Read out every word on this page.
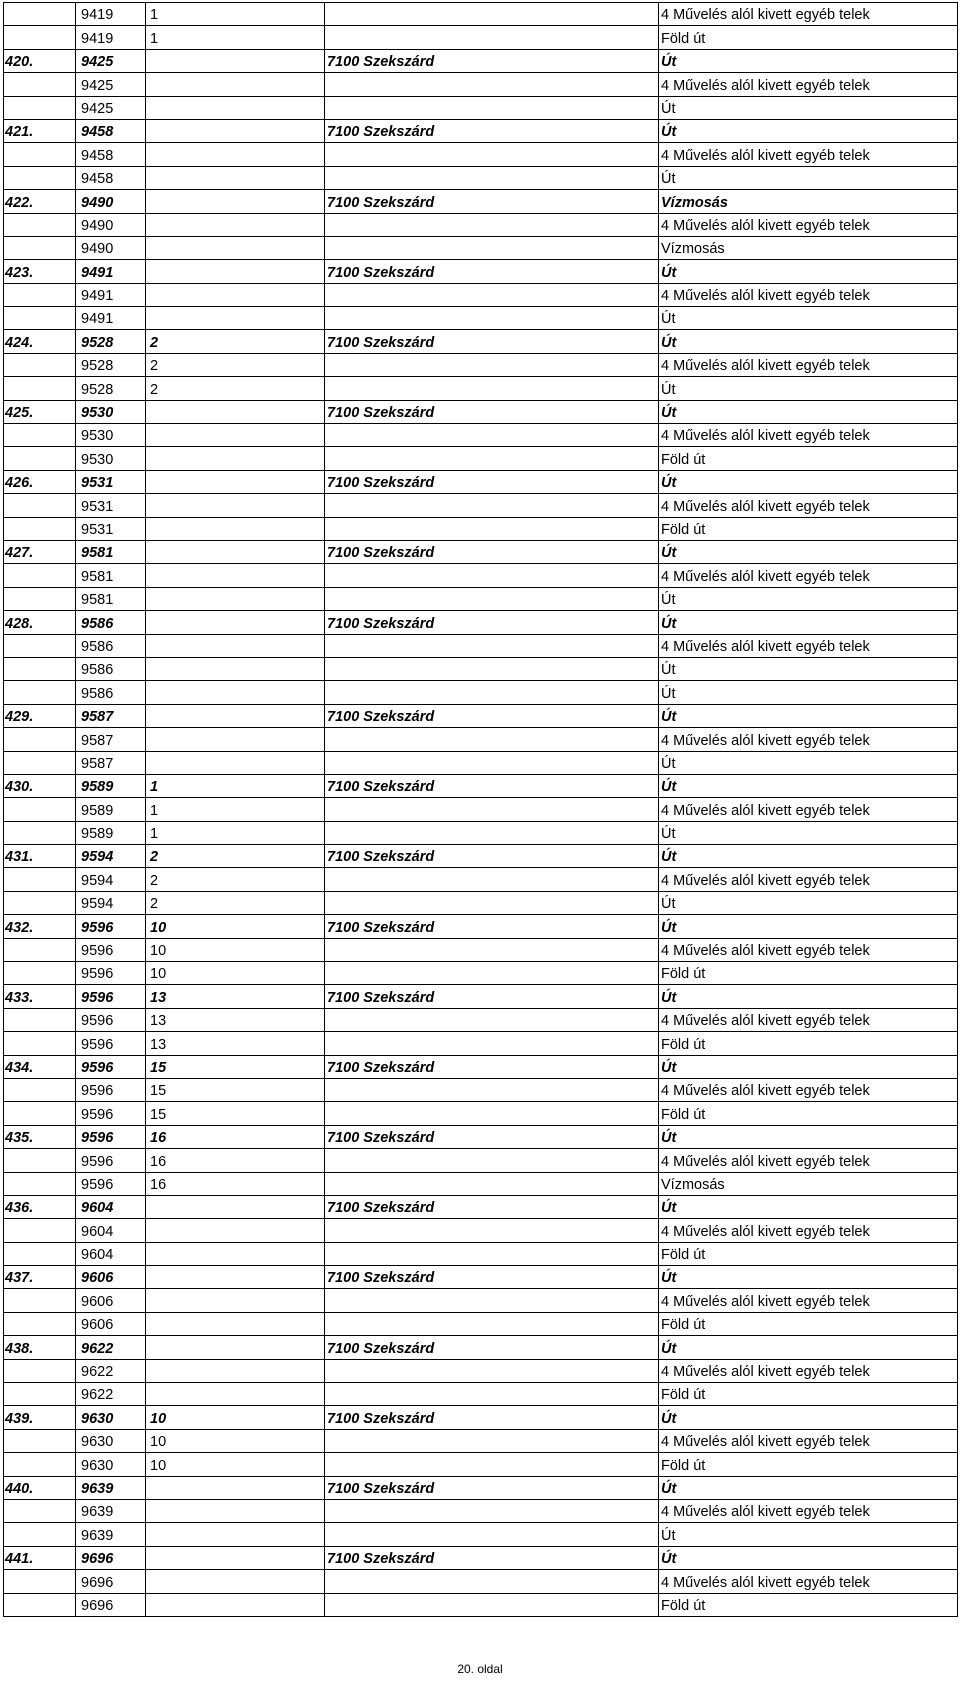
	9419	1		4 Művelés alól kivett egyéb telek
	9419	1		Föld út
420.	9425		7100 Szekszárd	Út
	9425			4 Művelés alól kivett egyéb telek
	9425			Út
421.	9458		7100 Szekszárd	Út
	9458			4 Művelés alól kivett egyéb telek
	9458			Út
422.	9490		7100 Szekszárd	Vízmosás
	9490			4 Művelés alól kivett egyéb telek
	9490			Vízmosás
423.	9491		7100 Szekszárd	Út
	9491			4 Művelés alól kivett egyéb telek
	9491			Út
424.	9528	2	7100 Szekszárd	Út
	9528	2		4 Művelés alól kivett egyéb telek
	9528	2		Út
425.	9530		7100 Szekszárd	Út
	9530			4 Művelés alól kivett egyéb telek
	9530			Föld út
426.	9531		7100 Szekszárd	Út
	9531			4 Művelés alól kivett egyéb telek
	9531			Föld út
427.	9581		7100 Szekszárd	Út
	9581			4 Művelés alól kivett egyéb telek
	9581			Út
428.	9586		7100 Szekszárd	Út
	9586			4 Művelés alól kivett egyéb telek
	9586			Út
	9586			Út
429.	9587		7100 Szekszárd	Út
	9587			4 Művelés alól kivett egyéb telek
	9587			Út
430.	9589	1	7100 Szekszárd	Út
	9589	1		4 Művelés alól kivett egyéb telek
	9589	1		Út
431.	9594	2	7100 Szekszárd	Út
	9594	2		4 Művelés alól kivett egyéb telek
	9594	2		Út
432.	9596	10	7100 Szekszárd	Út
	9596	10		4 Művelés alól kivett egyéb telek
	9596	10		Föld út
433.	9596	13	7100 Szekszárd	Út
	9596	13		4 Művelés alól kivett egyéb telek
	9596	13		Föld út
434.	9596	15	7100 Szekszárd	Út
	9596	15		4 Művelés alól kivett egyéb telek
	9596	15		Föld út
435.	9596	16	7100 Szekszárd	Út
	9596	16		4 Művelés alól kivett egyéb telek
	9596	16		Vízmosás
436.	9604		7100 Szekszárd	Út
	9604			4 Művelés alól kivett egyéb telek
	9604			Föld út
437.	9606		7100 Szekszárd	Út
	9606			4 Művelés alól kivett egyéb telek
	9606			Föld út
438.	9622		7100 Szekszárd	Út
	9622			4 Művelés alól kivett egyéb telek
	9622			Föld út
439.	9630	10	7100 Szekszárd	Út
	9630	10		4 Művelés alól kivett egyéb telek
	9630	10		Föld út
440.	9639		7100 Szekszárd	Út
	9639			4 Művelés alól kivett egyéb telek
	9639			Út
441.	9696		7100 Szekszárd	Út
	9696			4 Művelés alól kivett egyéb telek
	9696			Föld út
20. oldal
